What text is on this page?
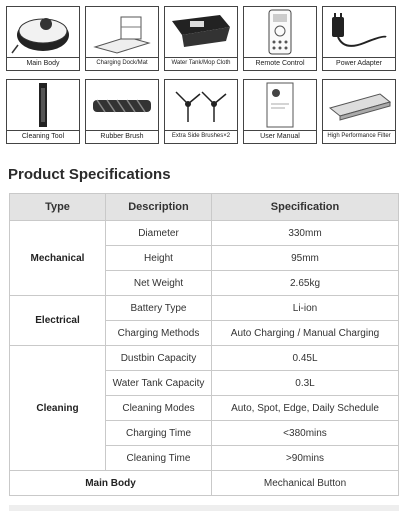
Main Body	Charging Dock/Mat	Water Tank/Mop Cloth	Remote Control	Power Adapter
Cleaning Tool	Rubber Brush	Extra Side Brushes×2	User Manual	High Performance Filter
Product Specifications
Type	Description	Specification
Mechanical	Diameter	330mm
	Height	95mm
	Net Weight	2.65kg
Electrical	Battery Type	Li-ion
	Charging Methods	Auto Charging / Manual Charging
Cleaning	Dustbin Capacity	0.45L
	Water Tank Capacity	0.3L
	Cleaning Modes	Auto, Spot, Edge, Daily Schedule
	Charging Time	<380mins
	Cleaning Time	>90mins
Main Body		Mechanical Button
